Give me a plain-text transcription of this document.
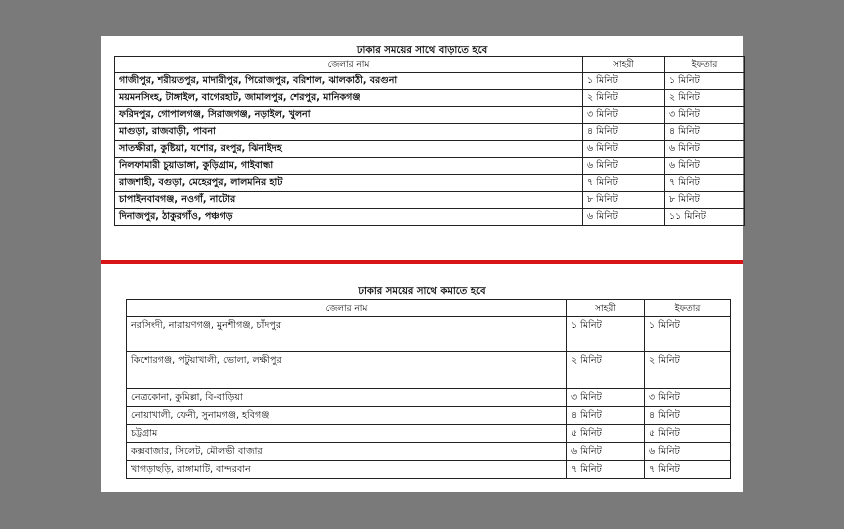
ঢাকার সময়ের সাথে বাড়াতে হবে
জেলার নাম	সাহরী	ইফতার
গাজীপুর, শরীয়তপুর, মাদারীপুর, পিরোজপুর, বরিশাল, ঝালকাঠী, বরগুনা	১ মিনিট	১ মিনিট
ময়মনসিংহ, টাঙ্গাইল, বাগেরহাট, জামালপুর, শেরপুর, মানিকগঞ্জ	২ মিনিট	২ মিনিট
ফরিদপুর, গোপালগঞ্জ, সিরাজগঞ্জ, নড়াইল, খুলনা	৩ মিনিট	৩ মিনিট
মাগুড়া, রাজবাড়ী, পাবনা	৪ মিনিট	৪ মিনিট
সাতক্ষীরা, কুষ্টিয়া, যশোর, রংপুর, ঝিনাইদহ	৬ মিনিট	৬ মিনিট
নিলফামারী চুয়াডাঙ্গা, কুড়িগ্রাম, গাইবান্ধা	৬ মিনিট	৬ মিনিট
রাজশাহী, বগুড়া, মেহেরপুর, লালমনির হাট	৭ মিনিট	৭ মিনিট
চাপাইনবাবগঞ্জ, নওগাঁ, নাটোর	৮ মিনিট	৮ মিনিট
দিনাজপুর, ঠাকুরগাঁও, পঞ্চগড়	৬ মিনিট	১১ মিনিট
ঢাকার সময়ের সাথে কমাতে হবে
জেলার নাম	সাহরী	ইফতার
নরসিংদী, নারায়ণগঞ্জ, মুনশীগঞ্জ, চাঁদপুর	১ মিনিট	১ মিনিট
কিশোরগঞ্জ, পটুয়াখালী, ভোলা, লক্ষীপুর	২ মিনিট	২ মিনিট
নেত্রকোনা, কুমিল্লা, বি-বাড়িয়া	৩ মিনিট	৩ মিনিট
নোয়াখালী, ফেনী, সুনামগঞ্জ, হবিগঞ্জ	৪ মিনিট	৪ মিনিট
চট্টগ্রাম	৫ মিনিট	৫ মিনিট
কক্সবাজার, সিলেট, মৌলভী বাজার	৬ মিনিট	৬ মিনিট
খাগড়াছড়ি, রাঙ্গামাটি, বান্দরবান	৭ মিনিট	৭ মিনিট
